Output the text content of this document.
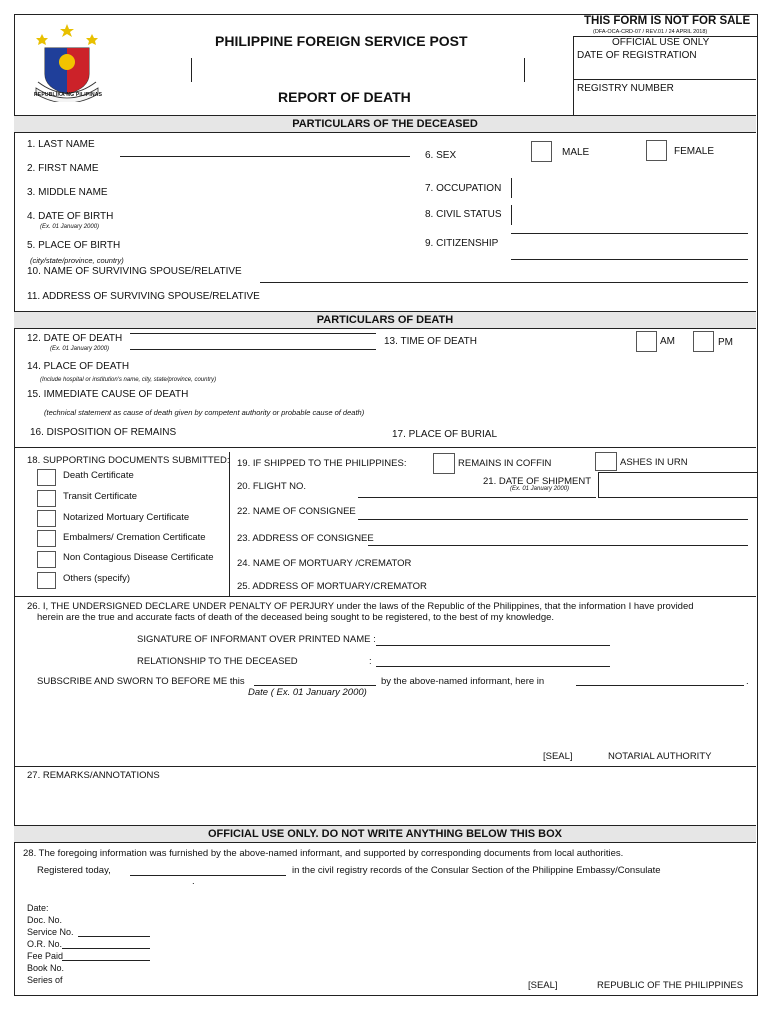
REPUBLIKA NG PILIPINAS
THIS FORM IS NOT FOR SALE
(DFA-OCA-CRD-07 / REV.01 / 24 APRIL 2018)
PHILIPPINE FOREIGN SERVICE POST
REPORT OF DEATH
OFFICIAL USE ONLY
DATE OF REGISTRATION
REGISTRY NUMBER
PARTICULARS OF THE DECEASED
1. LAST NAME
2. FIRST NAME
3. MIDDLE NAME
4. DATE OF BIRTH
(Ex. 01 January 2000)
5. PLACE OF BIRTH
(city/state/province, country)
6. SEX	MALE	FEMALE
7. OCCUPATION
8. CIVIL STATUS
9. CITIZENSHIP
10. NAME OF SURVIVING SPOUSE/RELATIVE
11. ADDRESS OF SURVIVING SPOUSE/RELATIVE
PARTICULARS OF DEATH
12. DATE OF DEATH
(Ex. 01 January 2000)
13. TIME OF DEATH	AM	PM
14. PLACE OF DEATH
(Include hospital or institution's name, city, state/province, country)
15. IMMEDIATE CAUSE OF DEATH
(technical statement as cause of death given by competent authority or probable cause of death)
16. DISPOSITION OF REMAINS	17. PLACE OF BURIAL
18. SUPPORTING DOCUMENTS SUBMITTED:
Death Certificate
Transit Certificate
Notarized Mortuary Certificate
Embalmers/ Cremation Certificate
Non Contagious Disease Certificate
Others (specify)
19. IF SHIPPED TO THE PHILIPPINES:	REMAINS IN COFFIN	ASHES IN URN
20. FLIGHT NO.	21. DATE OF SHIPMENT
(Ex. 01 January 2000)
22. NAME OF CONSIGNEE
23. ADDRESS OF CONSIGNEE
24. NAME OF MORTUARY /CREMATOR
25. ADDRESS OF MORTUARY/CREMATOR
26. I, THE UNDERSIGNED DECLARE UNDER PENALTY OF PERJURY under the laws of the Republic of the Philippines, that the information I have provided
herein are the true and accurate facts of death of the deceased being sought to be registered, to the best of my knowledge.
SIGNATURE OF INFORMANT OVER PRINTED NAME :
RELATIONSHIP TO THE DECEASED	:
SUBSCRIBE AND SWORN TO BEFORE ME this
Date ( Ex. 01 January 2000)
by the above-named informant, here in	.
[SEAL]	NOTARIAL AUTHORITY
27. REMARKS/ANNOTATIONS
OFFICIAL USE ONLY. DO NOT WRITE ANYTHING BELOW THIS BOX
28. The foregoing information was furnished by the above-named informant, and supported by corresponding documents from local authorities.
Registered today,	in the civil registry records of the Consular Section of the Philippine Embassy/Consulate
.
Date:
Doc. No.
Service No.
O.R. No.
Fee Paid
Book No.
Series of	[SEAL]	REPUBLIC OF THE PHILIPPINES
